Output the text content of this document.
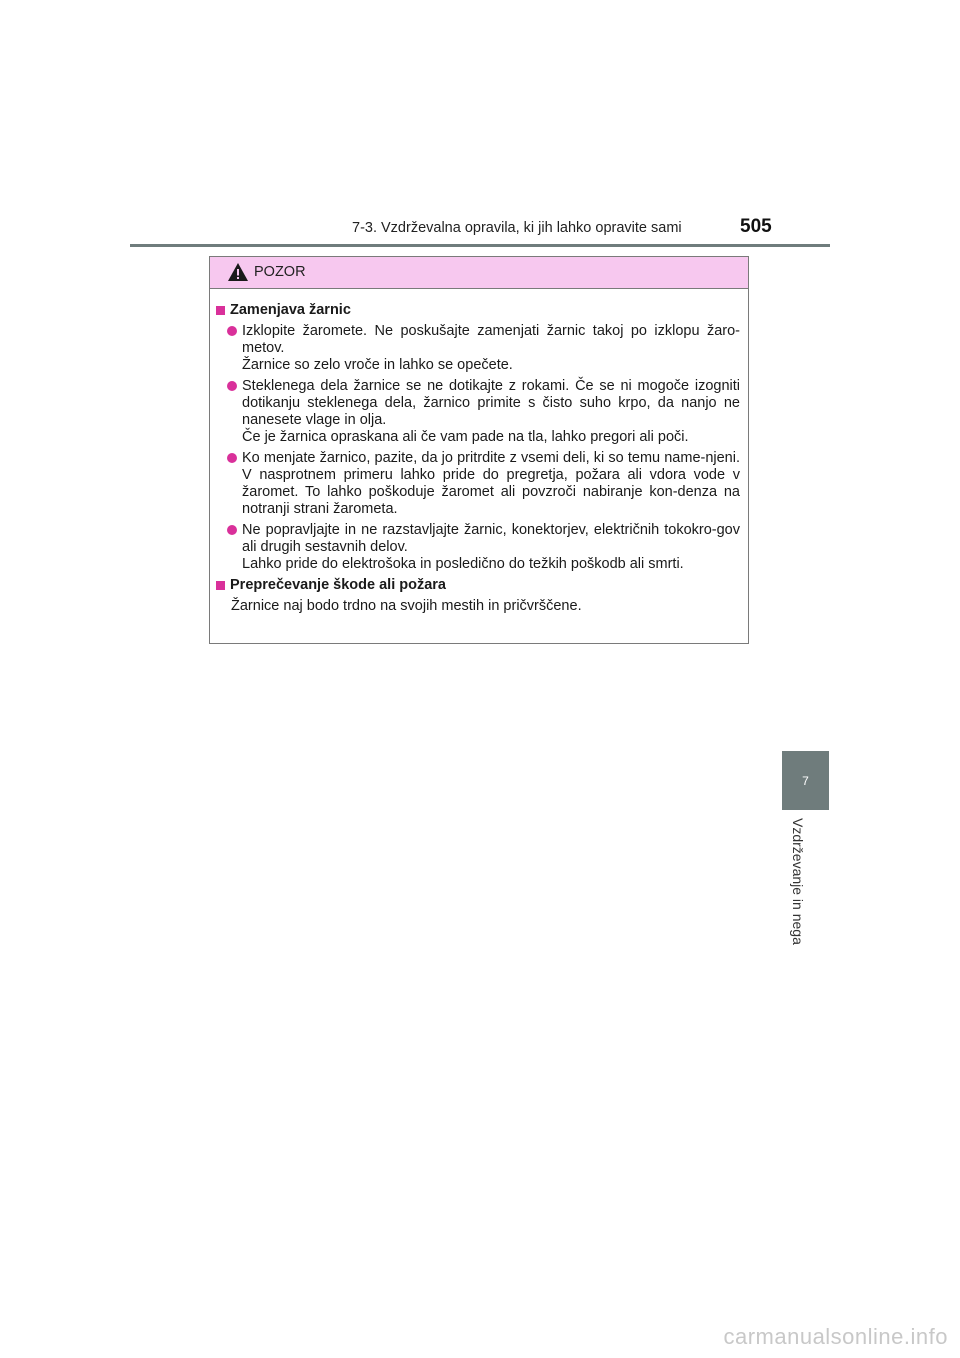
7-3. Vzdrževalna opravila, ki jih lahko opravite sami	505
POZOR
Zamenjava žarnic

Izklopite žaromete. Ne poskušajte zamenjati žarnic takoj po izklopu žaro-metov.

Žarnice so zelo vroče in lahko se opečete.

Steklenega dela žarnice se ne dotikajte z rokami. Če se ni mogoče izogniti dotikanju steklenega dela, žarnico primite s čisto suho krpo, da nanjo ne nanesete vlage in olja.

Če je žarnica opraskana ali če vam pade na tla, lahko pregori ali poči.

Ko menjate žarnico, pazite, da jo pritrdite z vsemi deli, ki so temu name-njeni. V nasprotnem primeru lahko pride do pregretja, požara ali vdora vode v žaromet. To lahko poškoduje žaromet ali povzroči nabiranje kon-denza na notranji strani žarometa.

Ne popravljajte in ne razstavljajte žarnic, konektorjev, električnih tokokro-gov ali drugih sestavnih delov.

Lahko pride do elektrošoka in posledično do težkih poškodb ali smrti.

Preprečevanje škode ali požara

Žarnice naj bodo trdno na svojih mestih in pričvrščene.

7
Vzdrževanje in nega
carmanualsonline.info
